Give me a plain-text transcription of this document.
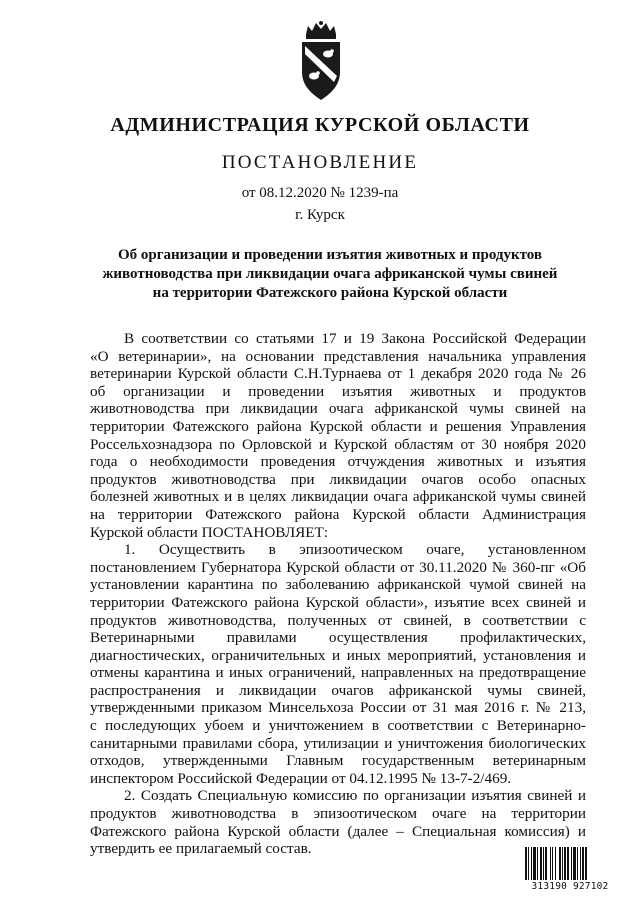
АДМИНИСТРАЦИЯ КУРСКОЙ ОБЛАСТИ
ПОСТАНОВЛЕНИЕ
от 08.12.2020 № 1239-па
г. Курск
Об организации и проведении изъятия животных и продуктов
животноводства при ликвидации очага африканской чумы свиней
на территории Фатежского района Курской области
В соответствии со статьями 17 и 19 Закона Российской Федерации
«О ветеринарии», на основании представления начальника управления
ветеринарии Курской области С.Н.Турнаева от 1 декабря 2020 года № 26
об организации и проведении изъятия животных и продуктов
животноводства при ликвидации очага африканской чумы свиней на
территории Фатежского района Курской области и решения Управления
Россельхознадзора по Орловской и Курской областям от 30 ноября 2020
года о необходимости проведения отчуждения животных и изъятия
продуктов животноводства при ликвидации очагов особо опасных
болезней животных и в целях ликвидации очага африканской чумы свиней
на территории Фатежского района Курской области Администрация
Курской области ПОСТАНОВЛЯЕТ:
1. Осуществить в эпизоотическом очаге, установленном
постановлением Губернатора Курской области от 30.11.2020 № 360-пг «Об
установлении карантина по заболеванию африканской чумой свиней на
территории Фатежского района Курской области», изъятие всех свиней и
продуктов животноводства, полученных от свиней, в соответствии с
Ветеринарными правилами осуществления профилактических,
диагностических, ограничительных и иных мероприятий, установления и
отмены карантина и иных ограничений, направленных на предотвращение
распространения и ликвидации очагов африканской чумы свиней,
утвержденными приказом Минсельхоза России от 31 мая 2016 г. № 213,
с последующих убоем и уничтожением в соответствии с Ветеринарно-
санитарными правилами сбора, утилизации и уничтожения биологических
отходов, утвержденными Главным государственным ветеринарным
инспектором Российской Федерации от 04.12.1995 № 13-7-2/469.
2. Создать Специальную комиссию по организации изъятия свиней и
продуктов животноводства в эпизоотическом очаге на территории
Фатежского района Курской области (далее – Специальная комиссия) и
утвердить ее прилагаемый состав.
313190 927102
